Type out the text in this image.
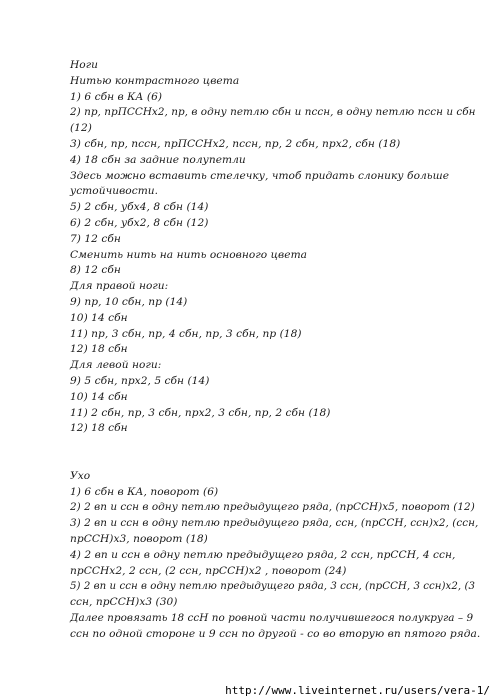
Ноги
Нитью контрастного цвета
1) 6 сбн в КА (6)
2) пр, прПССНх2, пр, в одну петлю сбн и пссн, в одну петлю пссн и сбн
(12)
3) сбн, пр, пссн, прПССНх2, пссн, пр, 2 сбн, прх2, сбн (18)
4) 18 сбн за задние полупетли
Здесь можно вставить стелечку, чтоб придать слонику больше
устойчивости.
5) 2 сбн, убх4, 8 сбн (14)
6) 2 сбн, убх2, 8 сбн (12)
7) 12 сбн
Сменить нить на нить основного цвета
8) 12 сбн
Для правой ноги:
9) пр, 10 сбн, пр (14)
10) 14 сбн
11) пр, 3 сбн, пр, 4 сбн, пр, 3 сбн, пр (18)
12) 18 сбн
Для левой ноги:
9) 5 сбн, прх2, 5 сбн (14)
10) 14 сбн
11) 2 сбн, пр, 3 сбн, прх2, 3 сбн, пр, 2 сбн (18)
12) 18 сбн
Ухо
1) 6 сбн в КА, поворот (6)
2) 2 вп и ссн в одну петлю предыдущего ряда, (прССН)х5, поворот (12)
3) 2 вп и ссн в одну петлю предыдущего ряда, ссн, (прССН, ссн)х2, (ссн,
прССН)х3, поворот (18)
4) 2 вп и ссн в одну петлю предыдущего ряда, 2 ссн, прССН, 4 ссн,
прССНх2, 2 ссн, (2 ссн, прССН)х2 , поворот (24)
5) 2 вп и ссн в одну петлю предыдущего ряда, 3 ссн, (прССН, 3 ссн)х2, (3
ссн, прССН)х3 (30)
Далее провязать 18 ссН по ровной части получившегося полукруга – 9
ссн по одной стороне и 9 ссн по другой - со во вторую вп пятого ряда.
http://www.liveinternet.ru/users/vera-1/
